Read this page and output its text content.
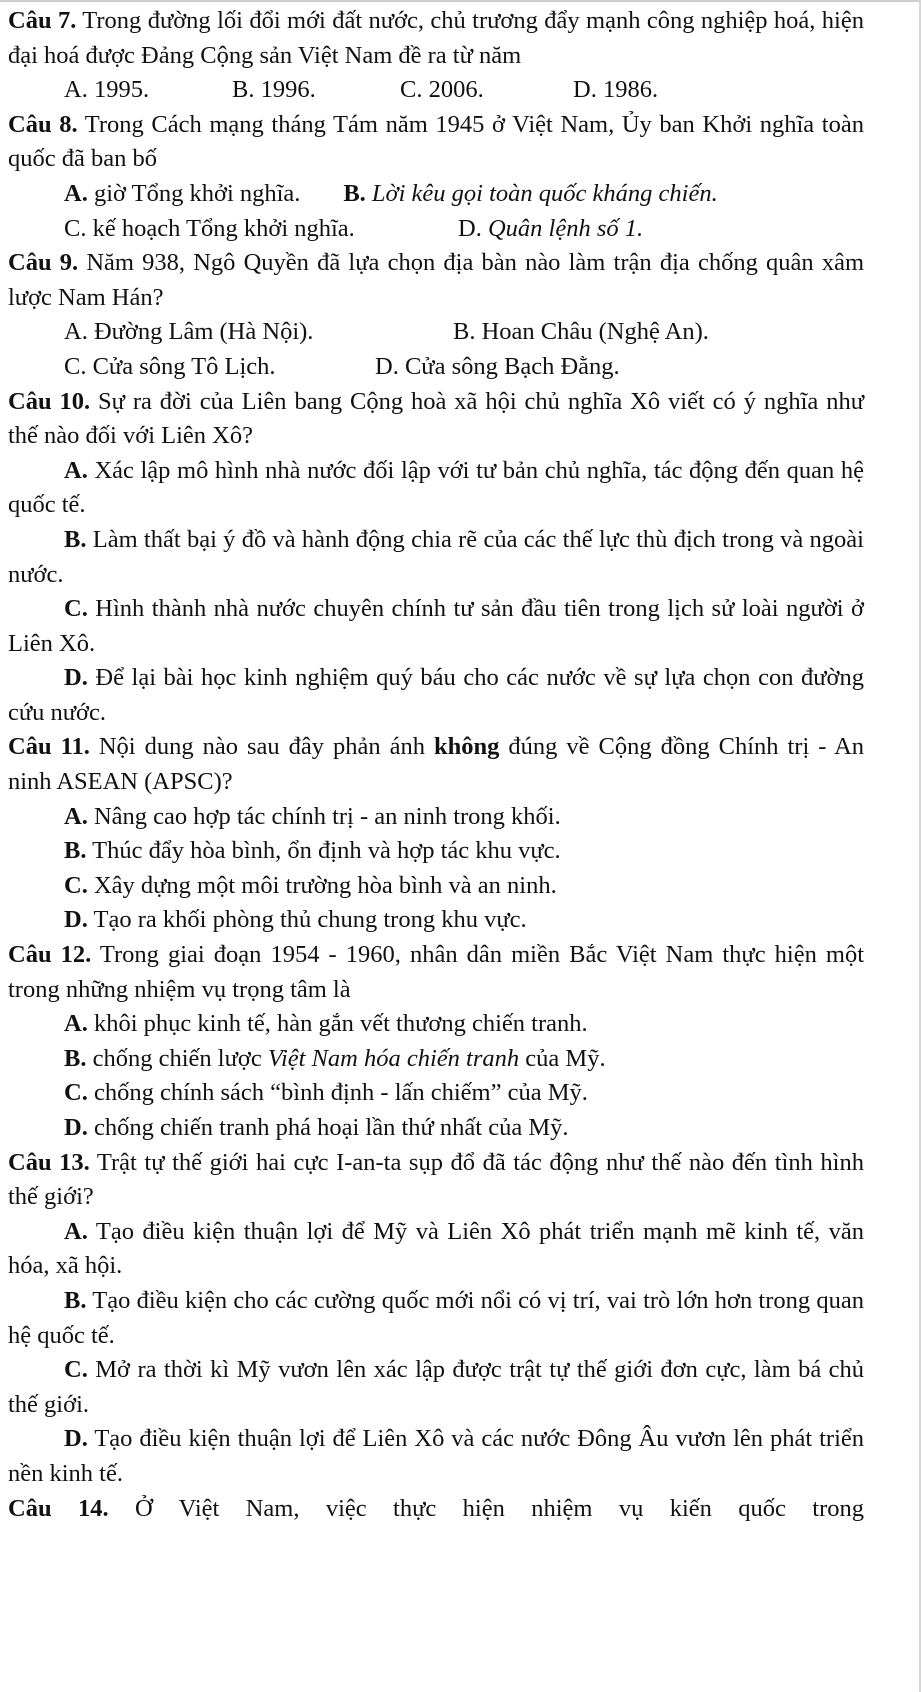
Câu 7. Trong đường lối đổi mới đất nước, chủ trương đẩy mạnh công nghiệp hoá, hiện đại hoá được Đảng Cộng sản Việt Nam đề ra từ năm

A. 1995.	B. 1996.	C. 2006.	D. 1986.

Câu 8. Trong Cách mạng tháng Tám năm 1945 ở Việt Nam, Ủy ban Khởi nghĩa toàn quốc đã ban bố

A. giờ Tổng khởi nghĩa. B. Lời kêu gọi toàn quốc kháng chiến.

C. kế hoạch Tổng khởi nghĩa.	D. Quân lệnh số 1.

Câu 9. Năm 938, Ngô Quyền đã lựa chọn địa bàn nào làm trận địa chống quân xâm lược Nam Hán?

A. Đường Lâm (Hà Nội).	B. Hoan Châu (Nghệ An).
C. Cửa sông Tô Lịch.	D. Cửa sông Bạch Đằng.

Câu 10. Sự ra đời của Liên bang Cộng hoà xã hội chủ nghĩa Xô viết có ý nghĩa như thế nào đối với Liên Xô?

A. Xác lập mô hình nhà nước đối lập với tư bản chủ nghĩa, tác động đến quan hệ quốc tế.

B. Làm thất bại ý đồ và hành động chia rẽ của các thế lực thù địch trong và ngoài nước.

C. Hình thành nhà nước chuyên chính tư sản đầu tiên trong lịch sử loài người ở Liên Xô.

D. Để lại bài học kinh nghiệm quý báu cho các nước về sự lựa chọn con đường cứu nước.

Câu 11. Nội dung nào sau đây phản ánh không đúng về Cộng đồng Chính trị - An ninh ASEAN (APSC)?

A. Nâng cao hợp tác chính trị - an ninh trong khối.

B. Thúc đẩy hòa bình, ổn định và hợp tác khu vực.

C. Xây dựng một môi trường hòa bình và an ninh.

D. Tạo ra khối phòng thủ chung trong khu vực.

Câu 12. Trong giai đoạn 1954 - 1960, nhân dân miền Bắc Việt Nam thực hiện một trong những nhiệm vụ trọng tâm là

A. khôi phục kinh tế, hàn gắn vết thương chiến tranh.

B. chống chiến lược Việt Nam hóa chiến tranh của Mỹ.

C. chống chính sách “bình định - lấn chiếm” của Mỹ.

D. chống chiến tranh phá hoại lần thứ nhất của Mỹ.

Câu 13. Trật tự thế giới hai cực I-an-ta sụp đổ đã tác động như thế nào đến tình hình thế giới?

A. Tạo điều kiện thuận lợi để Mỹ và Liên Xô phát triển mạnh mẽ kinh tế, văn hóa, xã hội.

B. Tạo điều kiện cho các cường quốc mới nổi có vị trí, vai trò lớn hơn trong quan hệ quốc tế.

C. Mở ra thời kì Mỹ vươn lên xác lập được trật tự thế giới đơn cực, làm bá chủ thế giới.

D. Tạo điều kiện thuận lợi để Liên Xô và các nước Đông Âu vươn lên phát triển nền kinh tế.

Câu 14. Ở Việt Nam, việc thực hiện nhiệm vụ kiến quốc trong
